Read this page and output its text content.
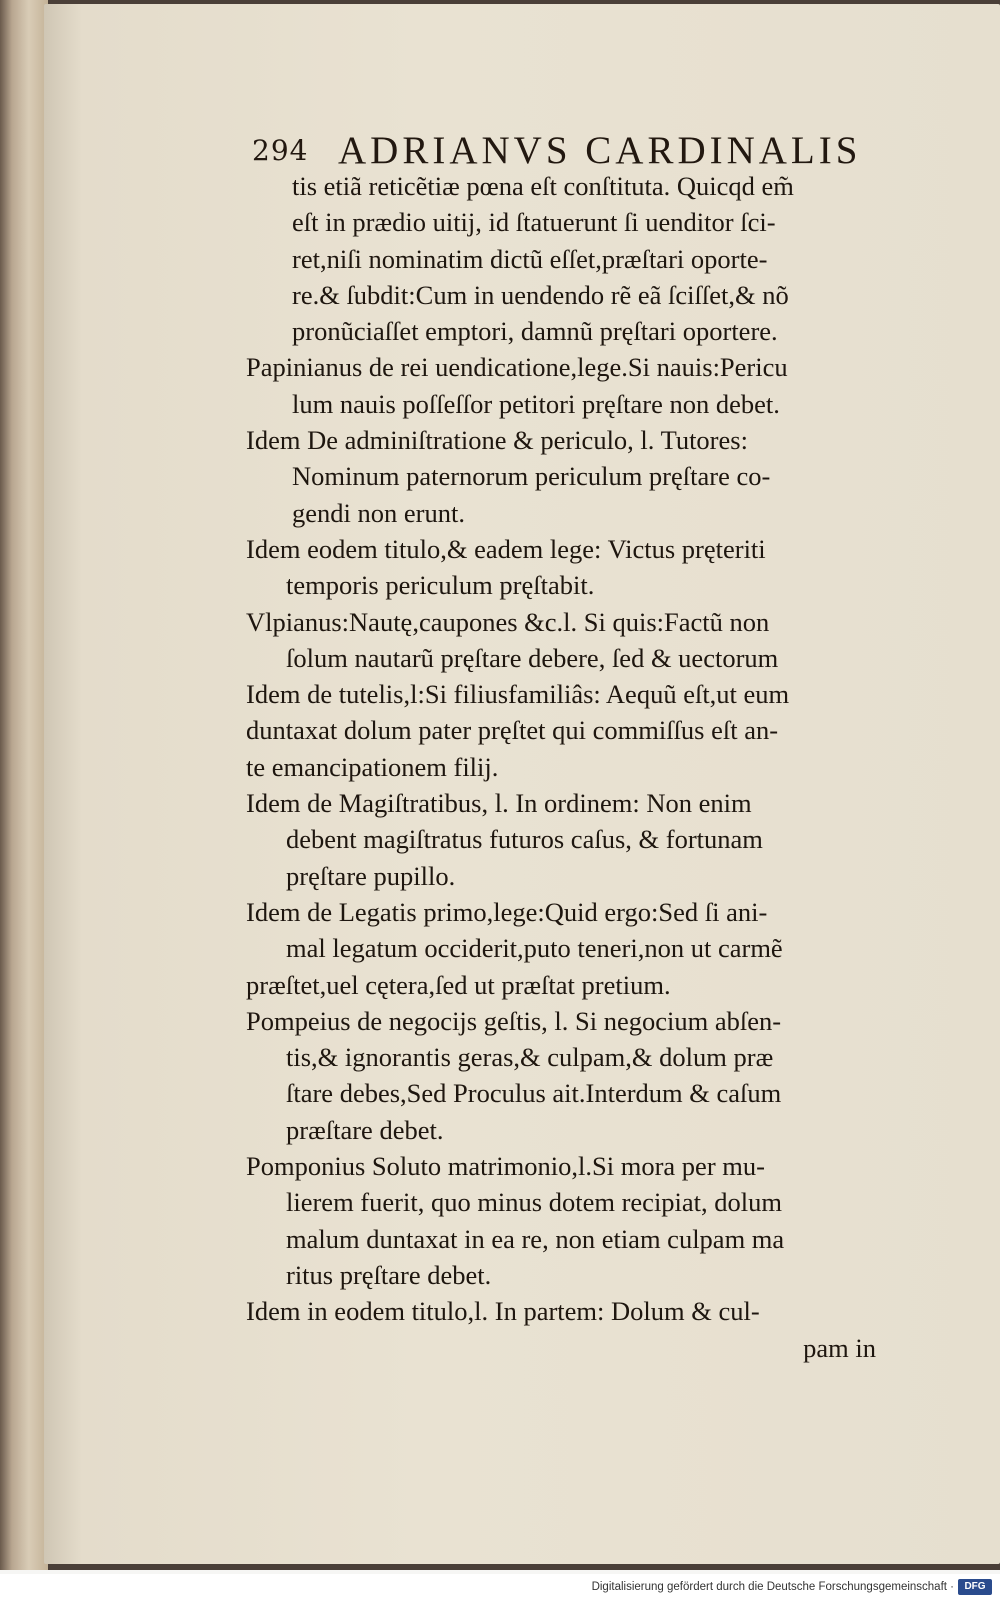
294 ADRIANVS CARDINALIS
tis etiã reticẽtiæ pœna eſt conſtituta. Quicqd em̃
eſt in prædio uitij, id ſtatuerunt ſi uenditor ſci-
ret,niſi nominatim dictũ eſſet,præſtari oporte-
re.& ſubdit:Cum in uendendo rẽ eã ſciſſet,& nõ
pronũciaſſet emptori, damnũ pręſtari oportere.
Papinianus de rei uendicatione,lege.Si nauis:Pericu
lum nauis poſſeſſor petitori pręſtare non debet.
Idem De adminiſtratione & periculo, l. Tutores:
Nominum paternorum periculum pręſtare co-
gendi non erunt.
Idem eodem titulo,& eadem lege: Victus pręteriti
temporis periculum pręſtabit.
Vlpianus:Nautę,caupones &c.l. Si quis:Factũ non
ſolum nautarũ pręſtare debere, ſed & uectorum
Idem de tutelis,l:Si filiusfamiliâs: Aequũ eſt,ut eum
duntaxat dolum pater pręſtet qui commiſſus eſt an-
te emancipationem filij.
Idem de Magiſtratibus, l. In ordinem: Non enim
debent magiſtratus futuros caſus, & fortunam
pręſtare pupillo.
Idem de Legatis primo,lege:Quid ergo:Sed ſi ani-
mal legatum occiderit,puto teneri,non ut carmẽ
præſtet,uel cętera,ſed ut præſtat pretium.
Pompeius de negocijs geſtis, l. Si negocium abſen-
tis,& ignorantis geras,& culpam,& dolum præ
ſtare debes,Sed Proculus ait.Interdum & caſum
præſtare debet.
Pomponius Soluto matrimonio,l.Si mora per mu-
lierem fuerit, quo minus dotem recipiat, dolum
malum duntaxat in ea re, non etiam culpam ma
ritus pręſtare debet.
Idem in eodem titulo,l. In partem: Dolum & cul-
pam in
Digitalisierung gefördert durch die Deutsche Forschungsgemeinschaft ·	DFG
